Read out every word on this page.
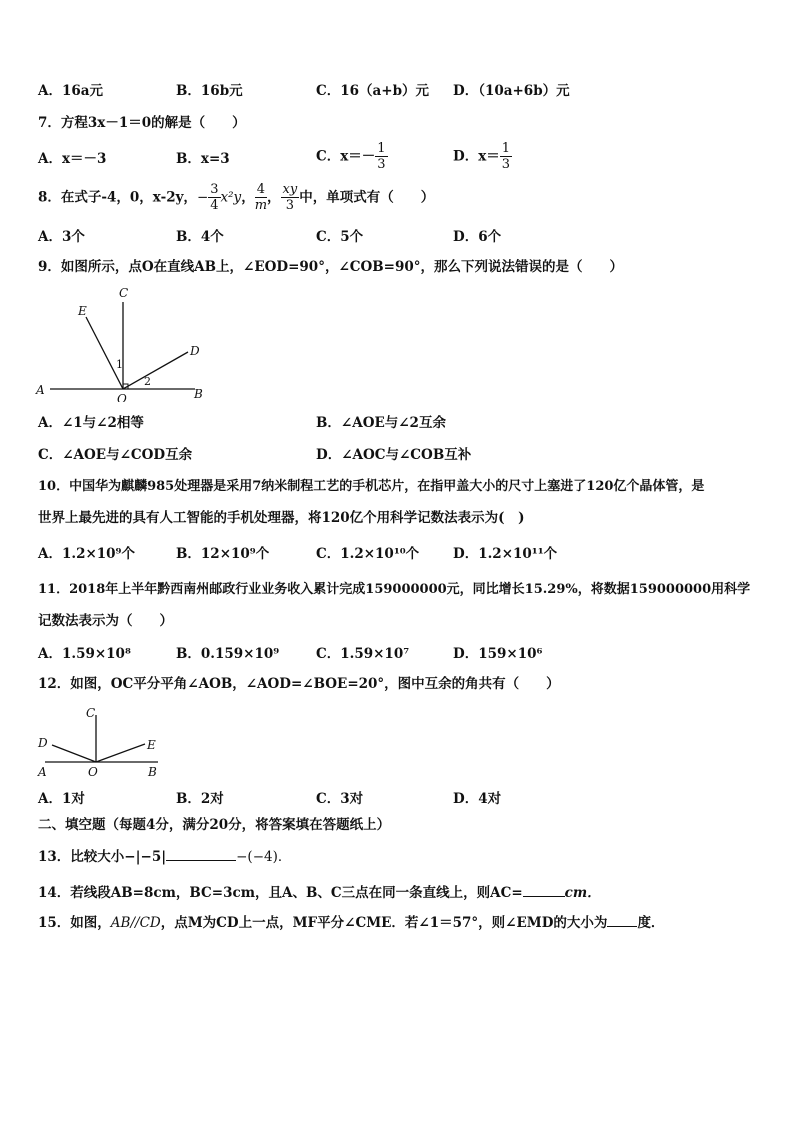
A．16a元	B．16b元	C．16（a+b）元 D．（10a+6b）元
7．方程3x－1＝0的解是（　　）
A．x＝－3	B．x=3	C．$x=- \frac{1}{3}$	D．$x= \frac{1}{3}$
8．在式子-4，0，x-2y，− $\frac{3}{4} x^2y$， $\frac{4}{m}$ ， $\frac{xy}{3}$ 中，单项式有（　　）
A．3个	B．4个	C．5个	D．6个
9．如图所示，点O在直线AB上，∠EOD=90°，∠COB=90°，那么下列说法错误的是（　　）
A	B
C
D
E
O
1
2
A．∠1与∠2相等	B．∠AOE与∠2互余
C．∠AOE与∠COD互余	D．∠AOC与∠COB互补
10．中国华为麒麟985处理器是采用7纳米制程工艺的手机芯片，在指甲盖大小的尺寸上塞进了120亿个晶体管，是
世界上最先进的具有人工智能的手机处理器，将120亿个用科学记数法表示为(　)
A．1.2×10⁹个	B．12×10⁹个	C．1.2×10¹⁰个	D．1.2×10¹¹个
11．2018年上半年黔西南州邮政行业业务收入累计完成159000000元，同比增长15.29%，将数据159000000用科学
记数法表示为（　　）
A．1.59×10⁸	B．0.159×10⁹	C．1.59×10⁷	D．159×10⁶
12．如图，OC平分平角∠AOB，∠AOD=∠BOE=20°，图中互余的角共有（　　）
A	B
C
D	E
O
A．1对	B．2对	C．3对	D．4对
二、填空题（每题4分，满分20分，将答案填在答题纸上）
13．比较大小−|−5|	−(−4)．
14．若线段AB=8cm，BC=3cm，且A、B、C三点在同一条直线上，则AC=	cm．
15．如图，AB//CD，点M为CD上一点，MF平分∠CME．若∠1＝57°，则∠EMD的大小为 度．
